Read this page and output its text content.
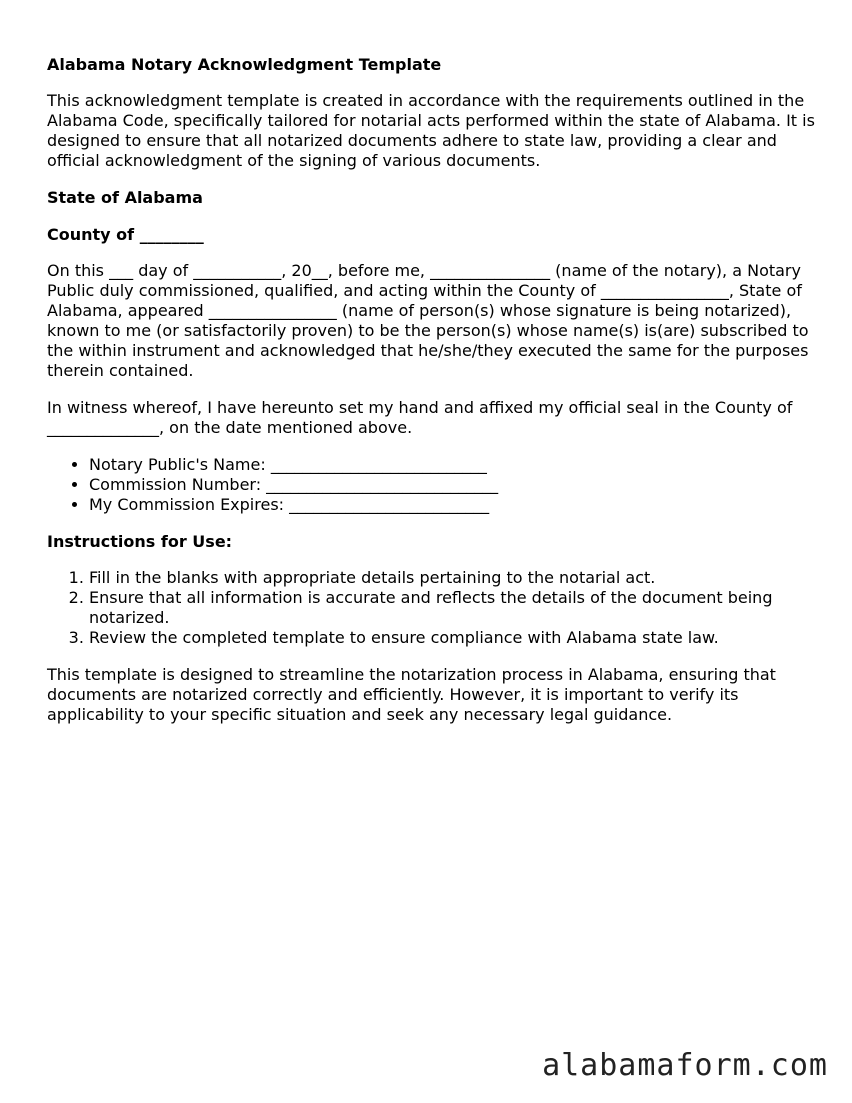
Alabama Notary Acknowledgment Template

This acknowledgment template is created in accordance with the requirements outlined in the Alabama Code, specifically tailored for notarial acts performed within the state of Alabama. It is designed to ensure that all notarized documents adhere to state law, providing a clear and official acknowledgment of the signing of various documents.

State of Alabama
County of ________

On this ___ day of ___________, 20__, before me, _______________ (name of the notary), a Notary Public duly commissioned, qualified, and acting within the County of ________________, State of Alabama, appeared ________________ (name of person(s) whose signature is being notarized), known to me (or satisfactorily proven) to be the person(s) whose name(s) is(are) subscribed to the within instrument and acknowledged that he/she/they executed the same for the purposes therein contained.

In witness whereof, I have hereunto set my hand and affixed my official seal in the County of ______________, on the date mentioned above.

• Notary Public's Name: ___________________________
• Commission Number: _____________________________
• My Commission Expires: _________________________
Instructions for Use:
1. Fill in the blanks with appropriate details pertaining to the notarial act.
2. Ensure that all information is accurate and reflects the details of the document being notarized.
3. Review the completed template to ensure compliance with Alabama state law.

This template is designed to streamline the notarization process in Alabama, ensuring that documents are notarized correctly and efficiently. However, it is important to verify its applicability to your specific situation and seek any necessary legal guidance.

alabamaform.com
